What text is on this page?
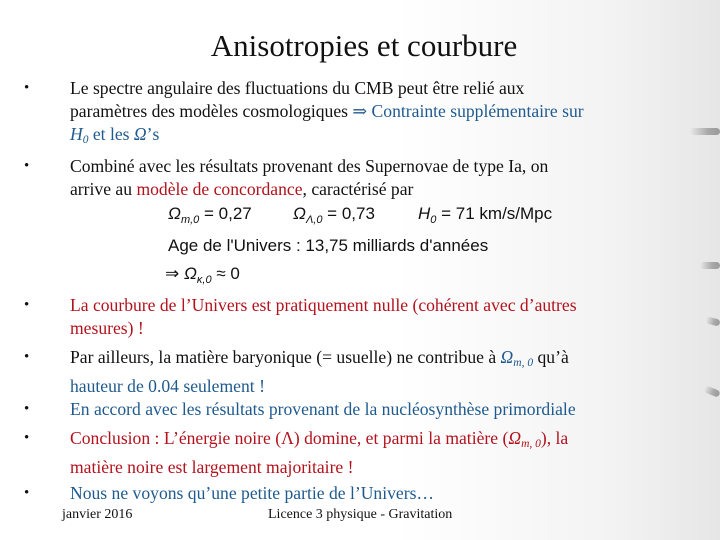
Anisotropies et courbure
• Le spectre angulaire des fluctuations du CMB peut être relié aux
paramètres des modèles cosmologiques ⇒ Contrainte supplémentaire sur
$H_0$ et les Ω’s
• Combiné avec les résultats provenant des Supernovae de type Ia, on
arrive au modèle de concordance, caractérisé par
$\Omega_{m,0} = 0,27$ $\Omega_{\Lambda,0} = 0,73$	$H_0 = 71$ km/s/Mpc
Age de l'Univers : 13,75 milliards d'années
⇒ $\Omega_{\kappa,0} \approx 0$
• La courbure de l’Univers est pratiquement nulle (cohérent avec d’autres
mesures) !
• Par ailleurs, la matière baryonique (= usuelle) ne contribue à $\Omega_{m, 0}$ qu’à
hauteur de 0.04 seulement !
• En accord avec les résultats provenant de la nucléosynthèse primordiale
• Conclusion : L’énergie noire (Λ) domine, et parmi la matière $(\Omega_{m, 0})$, la
matière noire est largement majoritaire !
• Nous ne voyons qu’une petite partie de l’Univers…
janvier 2016	Licence 3 physique - Gravitation
